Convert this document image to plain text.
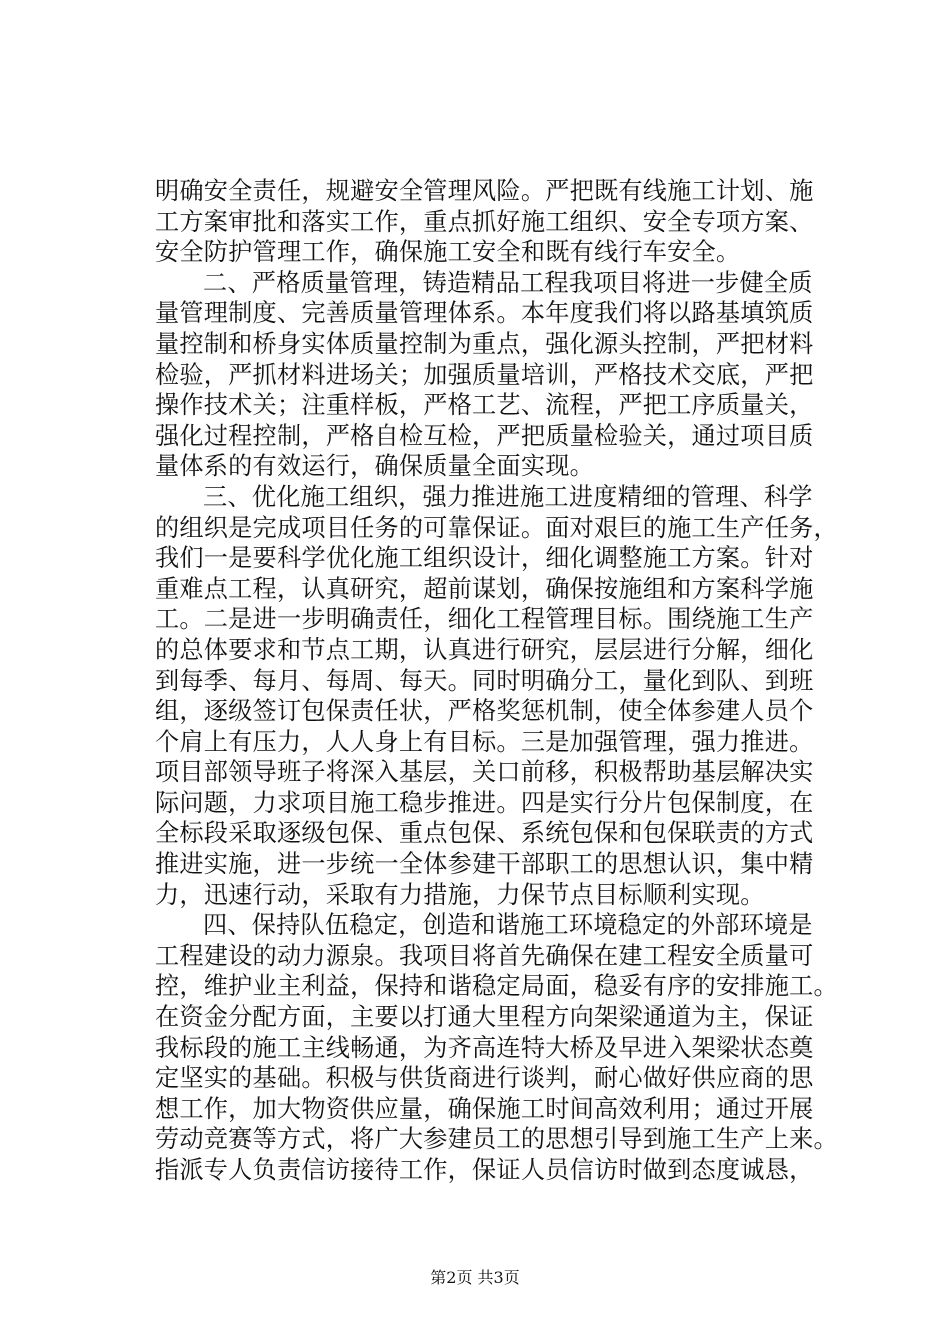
明确安全责任，规避安全管理风险。严把既有线施工计划、施
工方案审批和落实工作，重点抓好施工组织、安全专项方案、
安全防护管理工作，确保施工安全和既有线行车安全。
二、严格质量管理，铸造精品工程我项目将进一步健全质
量管理制度、完善质量管理体系。本年度我们将以路基填筑质
量控制和桥身实体质量控制为重点，强化源头控制，严把材料
检验，严抓材料进场关；加强质量培训，严格技术交底，严把
操作技术关；注重样板，严格工艺、流程，严把工序质量关，
强化过程控制，严格自检互检，严把质量检验关，通过项目质
量体系的有效运行，确保质量全面实现。
三、优化施工组织，强力推进施工进度精细的管理、科学
的组织是完成项目任务的可靠保证。面对艰巨的施工生产任务，
我们一是要科学优化施工组织设计，细化调整施工方案。针对
重难点工程，认真研究，超前谋划，确保按施组和方案科学施
工。二是进一步明确责任，细化工程管理目标。围绕施工生产
的总体要求和节点工期，认真进行研究，层层进行分解，细化
到每季、每月、每周、每天。同时明确分工，量化到队、到班
组，逐级签订包保责任状，严格奖惩机制，使全体参建人员个
个肩上有压力，人人身上有目标。三是加强管理，强力推进。
项目部领导班子将深入基层，关口前移，积极帮助基层解决实
际问题，力求项目施工稳步推进。四是实行分片包保制度，在
全标段采取逐级包保、重点包保、系统包保和包保联责的方式
推进实施，进一步统一全体参建干部职工的思想认识，集中精
力，迅速行动，采取有力措施，力保节点目标顺利实现。
四、保持队伍稳定，创造和谐施工环境稳定的外部环境是
工程建设的动力源泉。我项目将首先确保在建工程安全质量可
控，维护业主利益，保持和谐稳定局面，稳妥有序的安排施工。
在资金分配方面，主要以打通大里程方向架梁通道为主，保证
我标段的施工主线畅通，为齐高连特大桥及早进入架梁状态奠
定坚实的基础。积极与供货商进行谈判，耐心做好供应商的思
想工作，加大物资供应量，确保施工时间高效利用；通过开展
劳动竞赛等方式，将广大参建员工的思想引导到施工生产上来。
指派专人负责信访接待工作，保证人员信访时做到态度诚恳，
第2页 共3页
